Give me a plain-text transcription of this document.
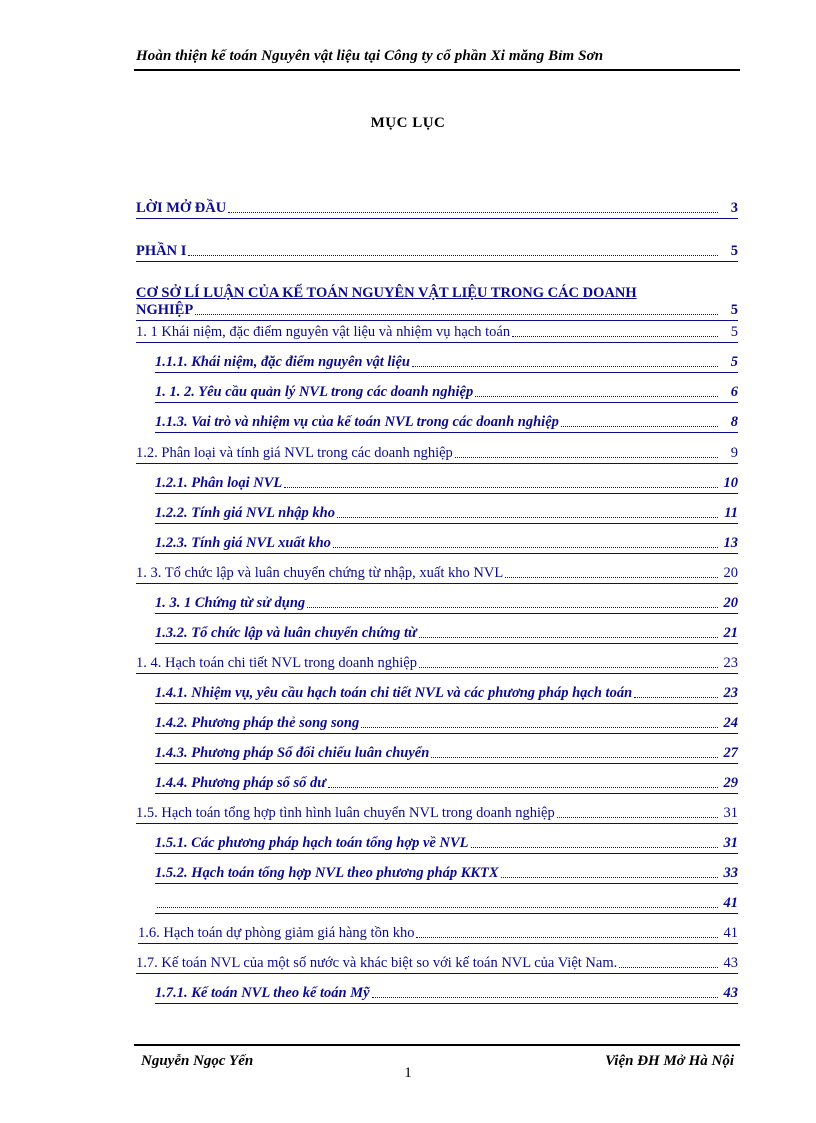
Hoàn thiện kế toán Nguyên vật liệu tại Công ty cổ phần Xi măng Bỉm Sơn
MỤC LỤC
LỜI MỞ ĐẦU	3
PHẦN I	5
CƠ SỞ LÍ LUẬN CỦA KẾ TOÁN NGUYÊN VẬT LIỆU TRONG CÁC DOANH
NGHIỆP	5
1. 1 Khái niệm, đặc điểm nguyên vật liệu và nhiệm vụ hạch toán	5
1.1.1. Khái niệm, đặc điểm nguyên vật liệu	5
1. 1. 2. Yêu cầu quản lý NVL trong các doanh nghiệp	6
1.1.3. Vai trò và nhiệm vụ của kế toán NVL trong các doanh nghiệp	8
1.2. Phân loại và tính giá NVL trong các doanh nghiệp	9
1.2.1. Phân loại NVL	10
1.2.2. Tính giá NVL nhập kho	11
1.2.3. Tính giá NVL xuất kho	13
1. 3. Tổ chức lập và luân chuyển chứng từ nhập, xuất kho NVL	20
1. 3. 1 Chứng từ sử dụng	20
1.3.2. Tổ chức lập và luân chuyển chứng từ	21
1. 4. Hạch toán chi tiết NVL trong doanh nghiệp	23
1.4.1. Nhiệm vụ, yêu cầu hạch toán chi tiết NVL và các phương pháp hạch toán	23
1.4.2. Phương pháp thẻ song song	24
1.4.3. Phương pháp Sổ đối chiếu luân chuyển	27
1.4.4. Phương pháp sổ số dư	29
1.5. Hạch toán tổng hợp tình hình luân chuyển NVL trong doanh nghiệp	31
1.5.1. Các phương pháp hạch toán tổng hợp về NVL	31
1.5.2. Hạch toán tổng hợp NVL theo phương pháp KKTX	33
41
1.6. Hạch toán dự phòng giảm giá hàng tồn kho	41
1.7. Kế toán NVL của một số nước và khác biệt so với kế toán NVL của Việt Nam.	43
1.7.1. Kế toán NVL theo kế toán Mỹ	43
Nguyễn Ngọc Yến	Viện ĐH Mở Hà Nội
1
